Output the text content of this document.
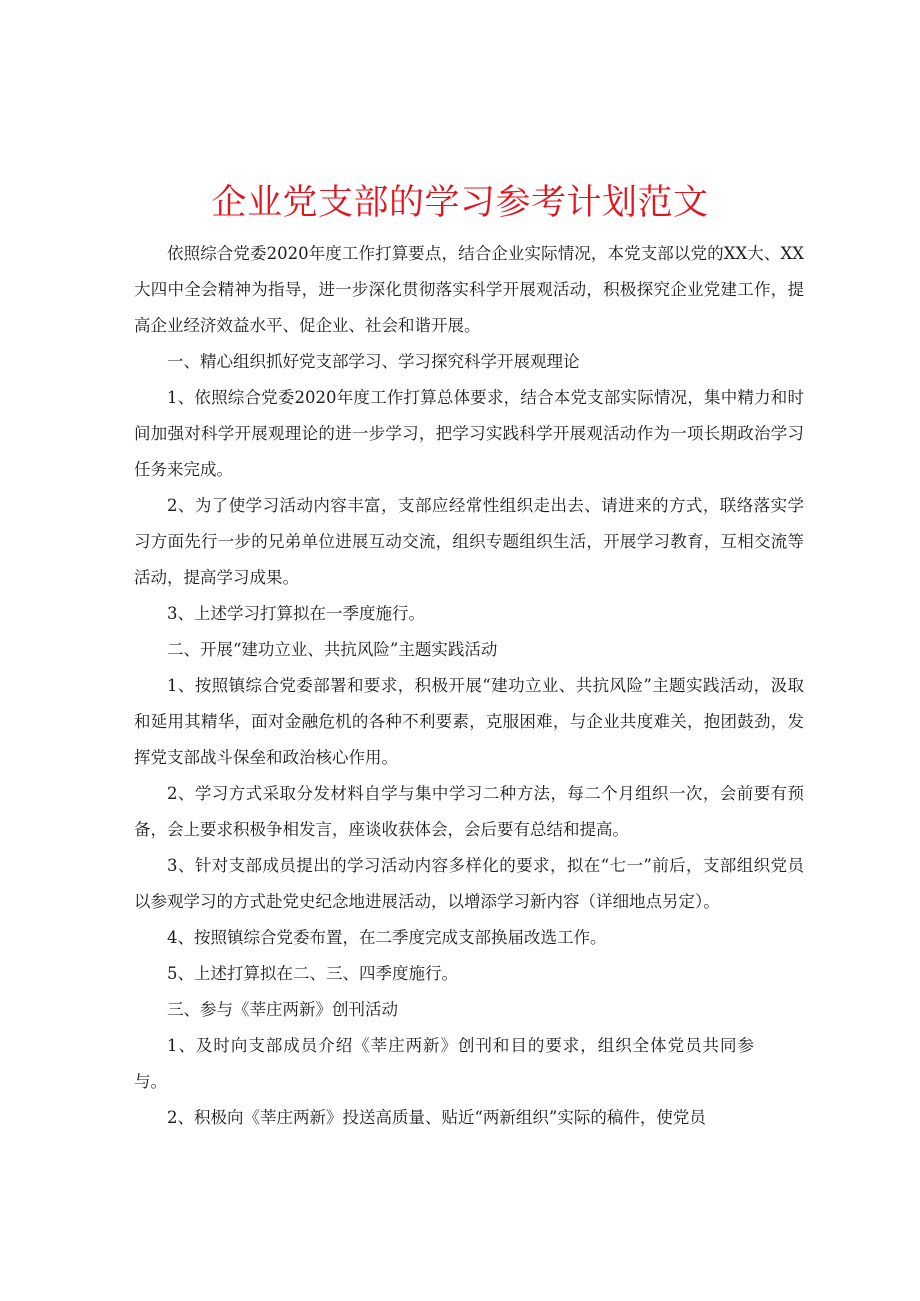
企业党支部的学习参考计划范文

依照综合党委2020年度工作打算要点，结合企业实际情况，本党支部以党的XX大、XX大四中全会精神为指导，进一步深化贯彻落实科学开展观活动，积极探究企业党建工作，提高企业经济效益水平、促企业、社会和谐开展。

一、精心组织抓好党支部学习、学习探究科学开展观理论

1、依照综合党委2020年度工作打算总体要求，结合本党支部实际情况，集中精力和时间加强对科学开展观理论的进一步学习，把学习实践科学开展观活动作为一项长期政治学习任务来完成。

2、为了使学习活动内容丰富，支部应经常性组织走出去、请进来的方式，联络落实学习方面先行一步的兄弟单位进展互动交流，组织专题组织生活，开展学习教育，互相交流等活动，提高学习成果。

3、上述学习打算拟在一季度施行。

二、开展“建功立业、共抗风险”主题实践活动

1、按照镇综合党委部署和要求，积极开展“建功立业、共抗风险”主题实践活动，汲取和延用其精华，面对金融危机的各种不利要素，克服困难，与企业共度难关，抱团鼓劲，发挥党支部战斗保垒和政治核心作用。

2、学习方式采取分发材料自学与集中学习二种方法，每二个月组织一次，会前要有预备，会上要求积极争相发言，座谈收获体会，会后要有总结和提高。

3、针对支部成员提出的学习活动内容多样化的要求，拟在“七一”前后，支部组织党员以参观学习的方式赴党史纪念地进展活动，以增添学习新内容（详细地点另定）。

4、按照镇综合党委布置，在二季度完成支部换届改选工作。

5、上述打算拟在二、三、四季度施行。

三、参与《莘庄两新》创刊活动

1、及时向支部成员介绍《莘庄两新》创刊和目的要求，组织全体党员共同参与。

2、积极向《莘庄两新》投送高质量、贴近“两新组织”实际的稿件，使党员
